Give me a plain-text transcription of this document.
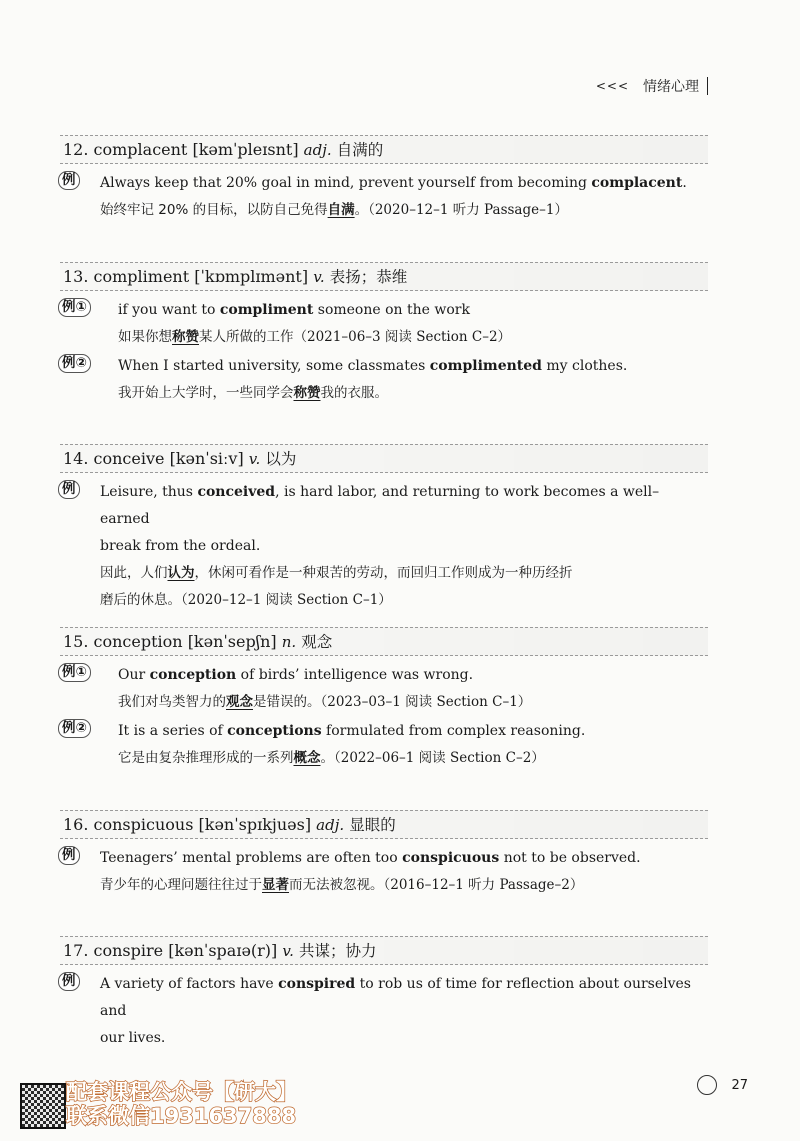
<<< 情绪心理
12. complacent [kəmˈpleɪsnt] adj. 自满的
例 Always keep that 20% goal in mind, prevent yourself from becoming complacent.
始终牢记 20% 的目标，以防自己免得自满。（2020–12–1 听力 Passage–1）
13. compliment [ˈkɒmplɪmənt] v. 表扬；恭维
例① if you want to compliment someone on the work
如果你想称赞某人所做的工作（2021–06–3 阅读 Section C–2）
例② When I started university, some classmates complimented my clothes.
我开始上大学时，一些同学会称赞我的衣服。
14. conceive [kənˈsiːv] v. 以为
例 Leisure, thus conceived, is hard labor, and returning to work becomes a well–earned
break from the ordeal.
因此，人们认为，休闲可看作是一种艰苦的劳动，而回归工作则成为一种历经折
磨后的休息。（2020–12–1 阅读 Section C–1）
15. conception [kənˈsepʃn] n. 观念
例① Our conception of birds’ intelligence was wrong.
我们对鸟类智力的观念是错误的。（2023–03–1 阅读 Section C–1）
例② It is a series of conceptions formulated from complex reasoning.
它是由复杂推理形成的一系列概念。（2022–06–1 阅读 Section C–2）
16. conspicuous [kənˈspɪkjuəs] adj. 显眼的
例 Teenagers’ mental problems are often too conspicuous not to be observed.
青少年的心理问题往往过于显著而无法被忽视。（2016–12–1 听力 Passage–2）
17. conspire [kənˈspaɪə(r)] v. 共谋；协力
例 A variety of factors have conspired to rob us of time for reflection about ourselves and
our lives.
27
配套课程公众号【研大】
联系微信1931637888
